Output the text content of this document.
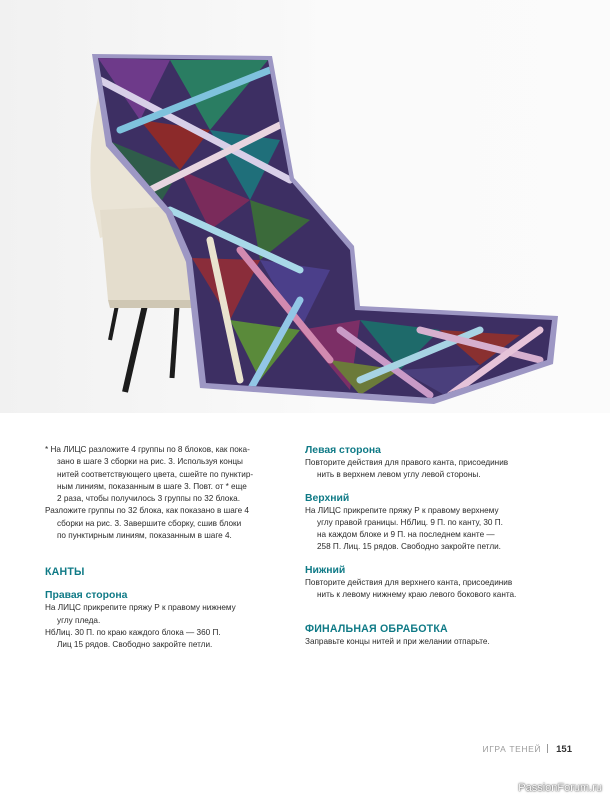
* На ЛИЦС разложите 4 группы по 8 блоков, как пока-

зано в шаге 3 сборки на рис. 3. Используя концы

нитей соответствующего цвета, сшейте по пунктир-

ным линиям, показанным в шаге 3. Повт. от * еще

2 раза, чтобы получилось 3 группы по 32 блока.

Разложите группы по 32 блока, как показано в шаге 4

сборки на рис. 3. Завершите сборку, сшив блоки

по пунктирным линиям, показанным в шаге 4.

КАНТЫ

Правая сторона

На ЛИЦС прикрепите пряжу Р к правому нижнему

углу пледа.

НбЛиц. 30 П. по краю каждого блока — 360 П.

Лиц 15 рядов. Свободно закройте петли.

Левая сторона

Повторите действия для правого канта, присоединив

нить в верхнем левом углу левой стороны.

Верхний

На ЛИЦС прикрепите пряжу Р к правому верхнему

углу правой границы. НбЛиц. 9 П. по канту, 30 П.

на каждом блоке и 9 П. на последнем канте —

258 П. Лиц. 15 рядов. Свободно закройте петли.

Нижний

Повторите действия для верхнего канта, присоединив

нить к левому нижнему краю левого бокового канта.

ФИНАЛЬНАЯ ОБРАБОТКА

Заправьте концы нитей и при желании отпарьте.

ИГРА ТЕНЕЙ 151
PassionForum.ru
